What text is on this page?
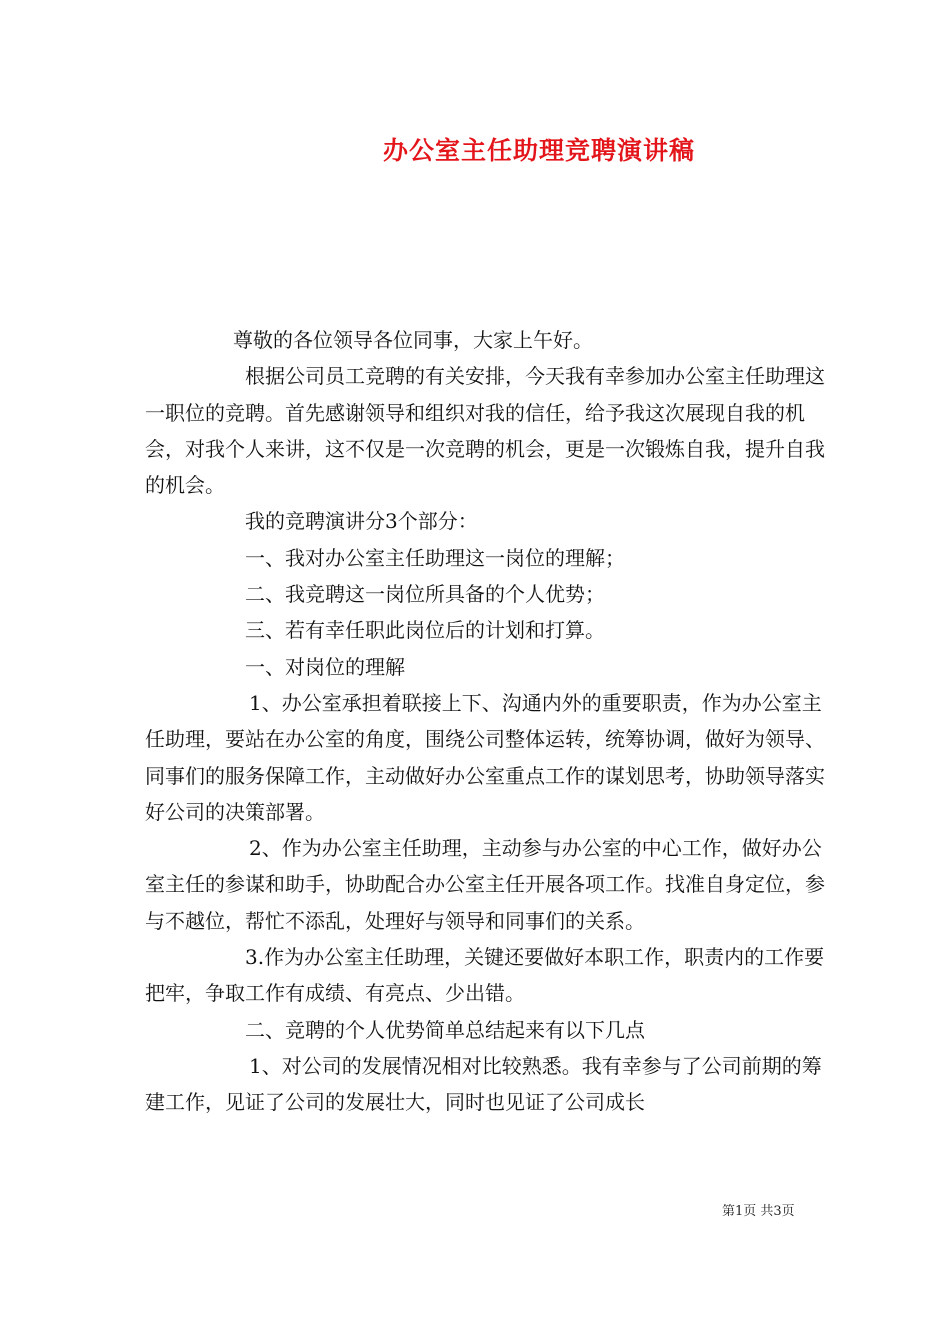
办公室主任助理竞聘演讲稿

尊敬的各位领导各位同事，大家上午好。

根据公司员工竞聘的有关安排，今天我有幸参加办公室主任助理这一职位的竞聘。首先感谢领导和组织对我的信任，给予我这次展现自我的机会，对我个人来讲，这不仅是一次竞聘的机会，更是一次锻炼自我，提升自我的机会。

我的竞聘演讲分3个部分：

一、我对办公室主任助理这一岗位的理解；

二、我竞聘这一岗位所具备的个人优势；

三、若有幸任职此岗位后的计划和打算。

一、对岗位的理解

1、办公室承担着联接上下、沟通内外的重要职责，作为办公室主任助理，要站在办公室的角度，围绕公司整体运转，统筹协调，做好为领导、同事们的服务保障工作，主动做好办公室重点工作的谋划思考，协助领导落实好公司的决策部署。

2、作为办公室主任助理，主动参与办公室的中心工作，做好办公室主任的参谋和助手，协助配合办公室主任开展各项工作。找准自身定位，参与不越位，帮忙不添乱，处理好与领导和同事们的关系。

3.作为办公室主任助理，关键还要做好本职工作，职责内的工作要把牢，争取工作有成绩、有亮点、少出错。

二、竞聘的个人优势简单总结起来有以下几点

1、对公司的发展情况相对比较熟悉。我有幸参与了公司前期的筹建工作，见证了公司的发展壮大，同时也见证了公司成长

第1页 共3页
